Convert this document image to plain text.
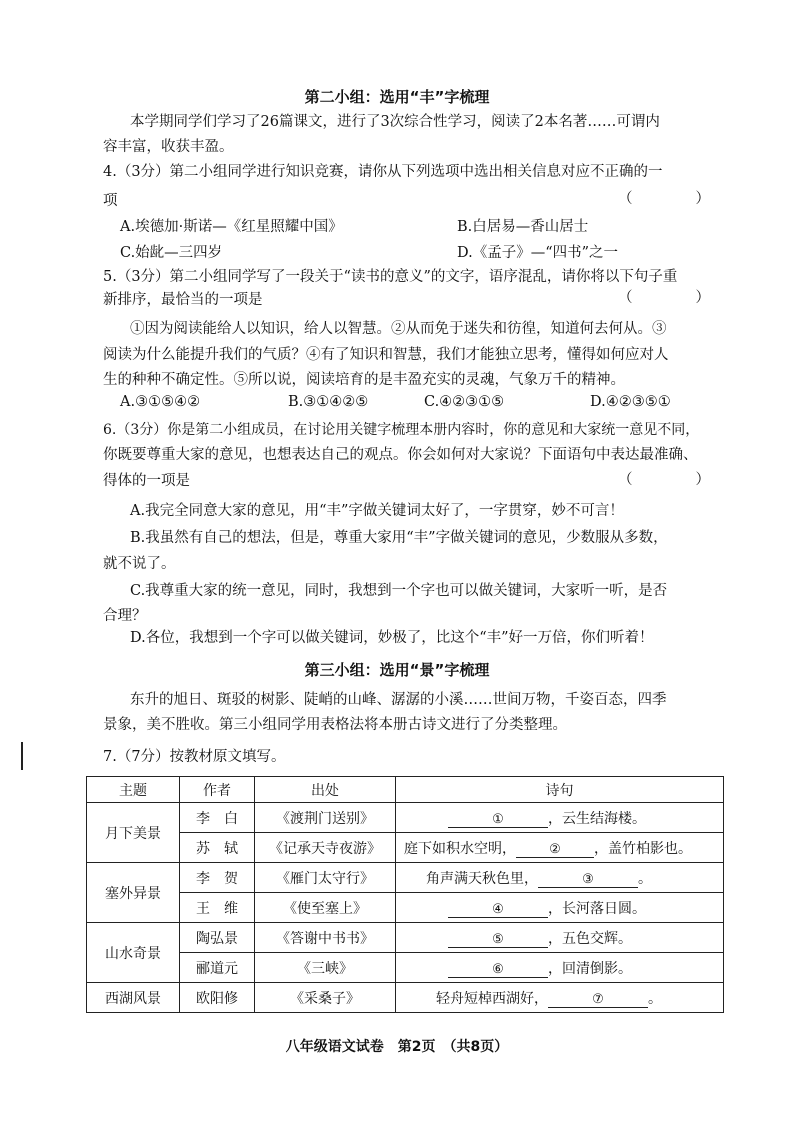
第二小组：选用“丰”字梳理
本学期同学们学习了26篇课文，进行了3次综合性学习，阅读了2本名著……可谓内
容丰富，收获丰盈。
4.（3分）第二小组同学进行知识竞赛，请你从下列选项中选出相关信息对应不正确的一
项	（	）
A.埃德加·斯诺—《红星照耀中国》	B.白居易—香山居士
C.始龀—三四岁	D.《孟子》—“四书”之一
5.（3分）第二小组同学写了一段关于“读书的意义”的文字，语序混乱，请你将以下句子重
新排序，最恰当的一项是	（	）
①因为阅读能给人以知识，给人以智慧。②从而免于迷失和彷徨，知道何去何从。③
阅读为什么能提升我们的气质？④有了知识和智慧，我们才能独立思考，懂得如何应对人
生的种种不确定性。⑤所以说，阅读培育的是丰盈充实的灵魂，气象万千的精神。
A.③①⑤④②	B.③①④②⑤	C.④②③①⑤	D.④②③⑤①
6.（3分）你是第二小组成员，在讨论用关键字梳理本册内容时，你的意见和大家统一意见不同，
你既要尊重大家的意见，也想表达自己的观点。你会如何对大家说？下面语句中表达最准确、
得体的一项是	（	）
A.我完全同意大家的意见，用“丰”字做关键词太好了，一字贯穿，妙不可言！
B.我虽然有自己的想法，但是，尊重大家用“丰”字做关键词的意见，少数服从多数，
就不说了。
C.我尊重大家的统一意见，同时，我想到一个字也可以做关键词，大家听一听，是否
合理？
D.各位，我想到一个字可以做关键词，妙极了，比这个“丰”好一万倍，你们听着！
第三小组：选用“景”字梳理
东升的旭日、斑驳的树影、陡峭的山峰、潺潺的小溪……世间万物，千姿百态，四季
景象，美不胜收。第三小组同学用表格法将本册古诗文进行了分类整理。
7.（7分）按教材原文填写。
主题	作者	出处	诗句
月下美景	李　白	《渡荆门送别》	① ，云生结海楼。
	苏　轼	《记承天寺夜游》	庭下如积水空明， ② ，盖竹柏影也。
塞外异景	李　贺	《雁门太守行》	角声满天秋色里， ③ 。
	王　维	《使至塞上》	④ ，长河落日圆。
山水奇景	陶弘景	《答谢中书书》	⑤ ，五色交辉。
	郦道元	《三峡》	⑥ ，回清倒影。
西湖风景	欧阳修	《采桑子》	轻舟短棹西湖好， ⑦ 。
八年级语文试卷　第2页　（共8页）
